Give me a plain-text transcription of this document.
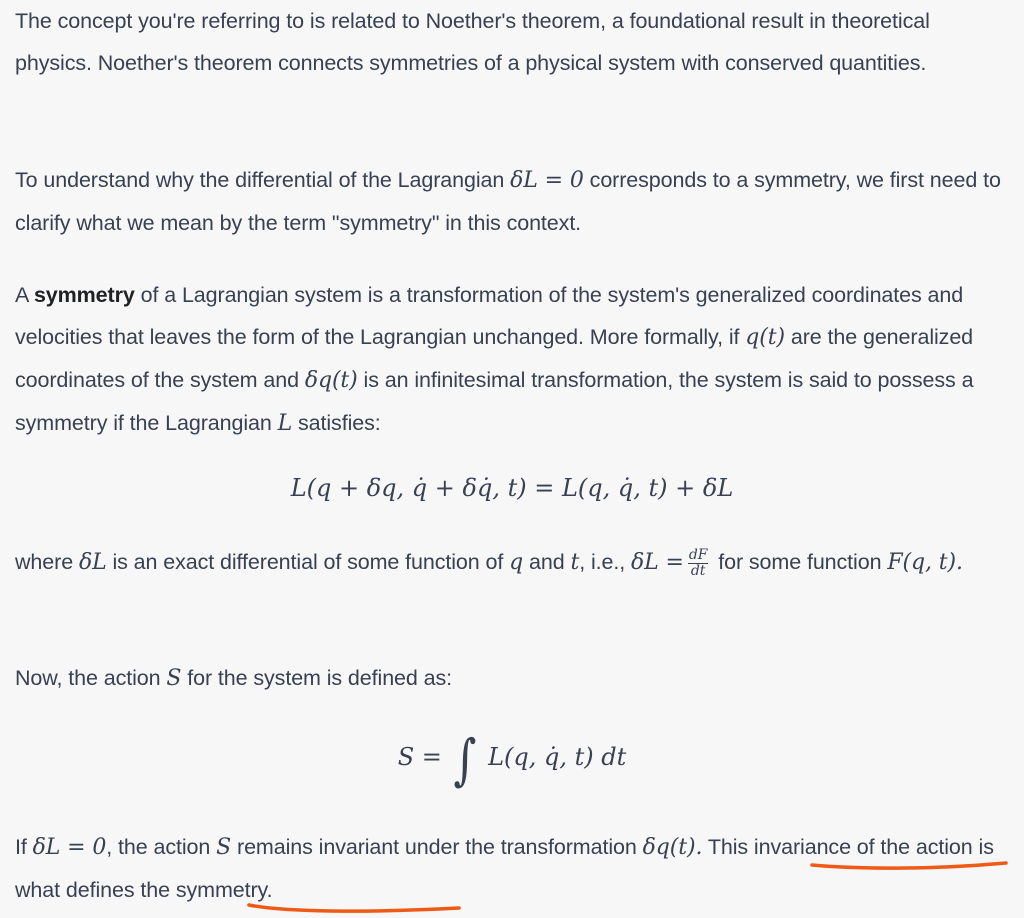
The concept you're referring to is related to Noether's theorem, a foundational result in theoretical physics. Noether's theorem connects symmetries of a physical system with conserved quantities.

To understand why the differential of the Lagrangian δL = 0 corresponds to a symmetry, we first need to clarify what we mean by the term "symmetry" in this context.

A symmetry of a Lagrangian system is a transformation of the system's generalized coordinates and velocities that leaves the form of the Lagrangian unchanged. More formally, if q(t) are the generalized coordinates of the system and δq(t) is an infinitesimal transformation, the system is said to possess a symmetry if the Lagrangian L satisfies:

where δL is an exact differential of some function of q and t, i.e., $\delta L = \frac{dF}{dt}$ for some function F(q, t).

Now, the action S for the system is defined as:

If δL = 0, the action S remains invariant under the transformation δq(t). This invariance of the action is what defines the symmetry.

L(q + δq, q̇ + δq̇, t) = L(q, q̇, t) + δL
S = ∫ L(q, q̇, t) dt
